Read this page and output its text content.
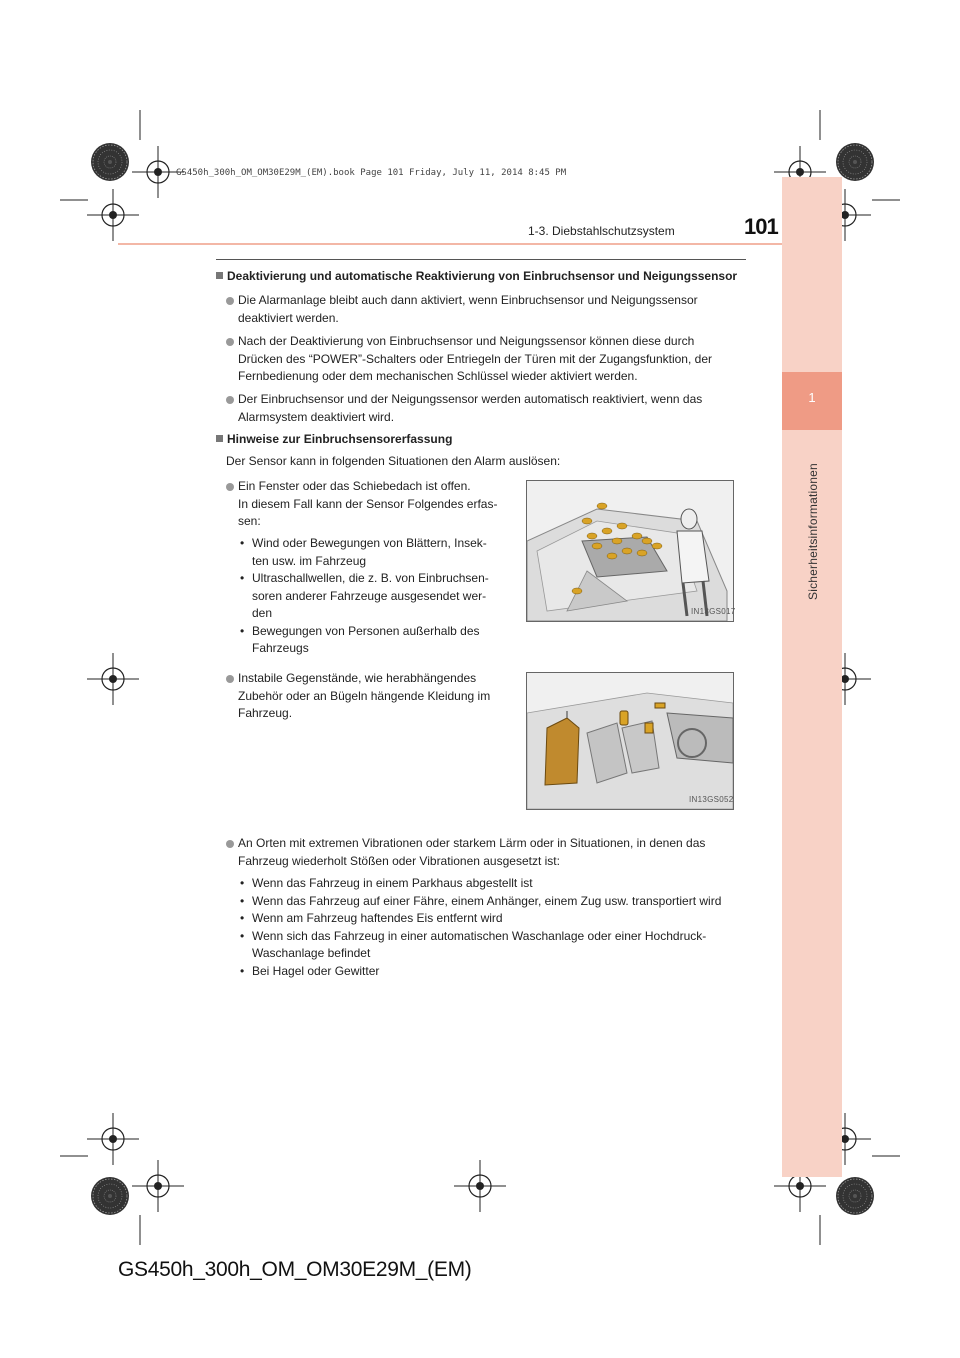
1
Sicherheitsinformationen
GS450h_300h_OM_OM30E29M_(EM).book Page 101 Friday, July 11, 2014 8:45 PM
1-3. Diebstahlschutzsystem	101
Deaktivierung und automatische Reaktivierung von Einbruchsensor und Neigungssensor
Die Alarmanlage bleibt auch dann aktiviert, wenn Einbruchsensor und Neigungssensor
deaktiviert werden.
Nach der Deaktivierung von Einbruchsensor und Neigungssensor können diese durch
Drücken des “POWER”-Schalters oder Entriegeln der Türen mit der Zugangsfunktion, der
Fernbedienung oder dem mechanischen Schlüssel wieder aktiviert werden.
Der Einbruchsensor und der Neigungssensor werden automatisch reaktiviert, wenn das
Alarmsystem deaktiviert wird.
Hinweise zur Einbruchsensorerfassung
Der Sensor kann in folgenden Situationen den Alarm auslösen:
Ein Fenster oder das Schiebedach ist offen.
In diesem Fall kann der Sensor Folgendes erfas-
sen:
• Wind oder Bewegungen von Blättern, Insek-
ten usw. im Fahrzeug
• Ultraschallwellen, die z. B. von Einbruchsen-
soren anderer Fahrzeuge ausgesendet wer-
den
• Bewegungen von Personen außerhalb des
Fahrzeugs
IN13GS017
Instabile Gegenstände, wie herabhängendes
Zubehör oder an Bügeln hängende Kleidung im
Fahrzeug.
IN13GS052
An Orten mit extremen Vibrationen oder starkem Lärm oder in Situationen, in denen das
Fahrzeug wiederholt Stößen oder Vibrationen ausgesetzt ist:
• Wenn das Fahrzeug in einem Parkhaus abgestellt ist
• Wenn das Fahrzeug auf einer Fähre, einem Anhänger, einem Zug usw. transportiert wird
• Wenn am Fahrzeug haftendes Eis entfernt wird
• Wenn sich das Fahrzeug in einer automatischen Waschanlage oder einer Hochdruck-
Waschanlage befindet
• Bei Hagel oder Gewitter
GS450h_300h_OM_OM30E29M_(EM)
